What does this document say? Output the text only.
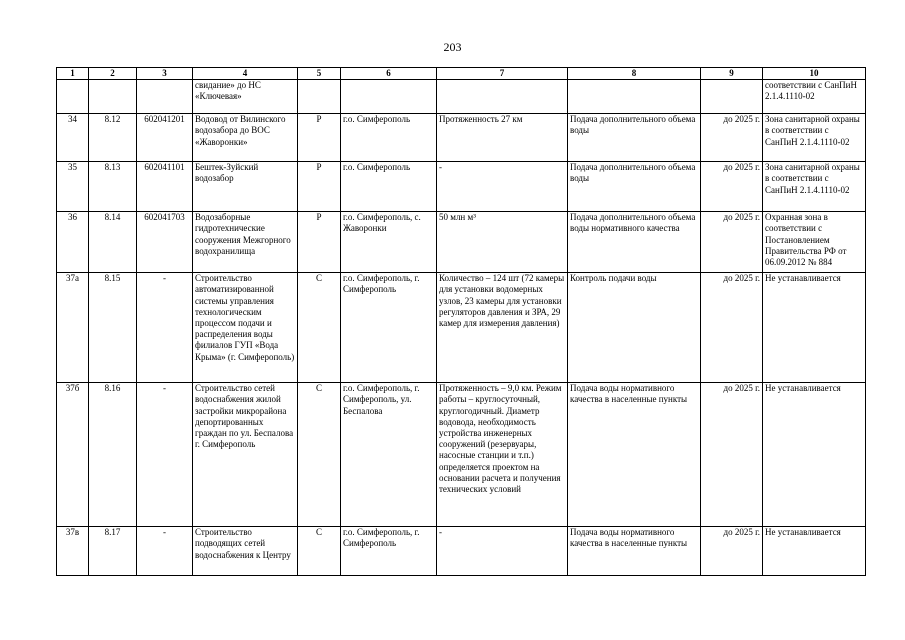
203
1	2	3	4	5	6	7	8	9	10
			свидание» до НС «Ключевая»						соответствии с СанПиН 2.1.4.1110-02
34	8.12	602041201	Водовод от Вилинского водозабора до ВОС «Жаворонки»	Р	г.о. Симферополь	Протяженность 27 км	Подача дополнительного объема воды	до 2025 г.	Зона санитарной охраны в соответствии с СанПиН 2.1.4.1110-02
35	8.13	602041101	Бештек-Зуйский водозабор	Р	г.о. Симферополь	-	Подача дополнительного объема воды	до 2025 г.	Зона санитарной охраны в соответствии с СанПиН 2.1.4.1110-02
36	8.14	602041703	Водозаборные гидротехнические сооружения Межгорного водохранилища	Р	г.о. Симферополь, с. Жаворонки	50 млн м³	Подача дополнительного объема воды нормативного качества	до 2025 г.	Охранная зона в соответствии с Постановлением Правительства РФ от 06.09.2012 № 884
37а	8.15	-	Строительство автоматизированной системы управления технологическим процессом подачи и распределения воды филиалов ГУП «Вода Крыма» (г. Симферополь)	С	г.о. Симферополь, г. Симферополь	Количество – 124 шт (72 камеры для установки водомерных узлов, 23 камеры для установки регуляторов давления и ЗРА, 29 камер для измерения давления)	Контроль подачи воды	до 2025 г.	Не устанавливается
37б	8.16	-	Строительство сетей водоснабжения жилой застройки микрорайона депортированных граждан по ул. Беспалова г. Симферополь	С	г.о. Симферополь, г. Симферополь, ул. Беспалова	Протяженность – 9,0 км. Режим работы – круглосуточный, круглогодичный. Диаметр водовода, необходимость устройства инженерных сооружений (резервуары, насосные станции и т.п.) определяется проектом на основании расчета и получения технических условий	Подача воды нормативного качества в населенные пункты	до 2025 г.	Не устанавливается
37в	8.17	-	Строительство подводящих сетей водоснабжения к Центру	С	г.о. Симферополь, г. Симферополь	-	Подача воды нормативного качества в населенные пункты	до 2025 г.	Не устанавливается
